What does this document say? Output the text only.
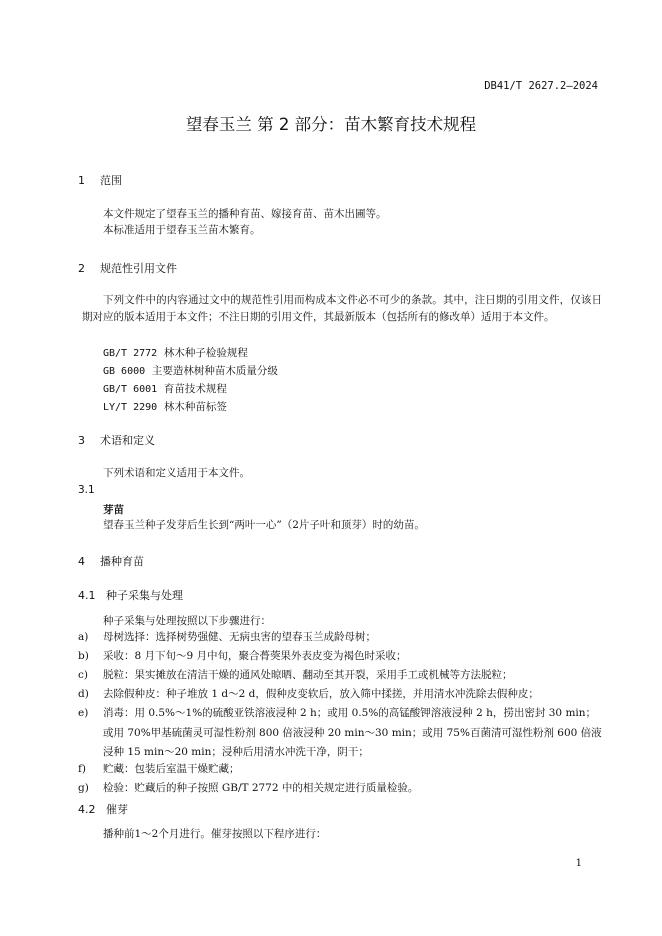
DB41/T 2627.2—2024
望春玉兰 第 2 部分：苗木繁育技术规程
1 范围
本文件规定了望春玉兰的播种育苗、嫁接育苗、苗木出圃等。
本标准适用于望春玉兰苗木繁育。
2 规范性引用文件
下列文件中的内容通过文中的规范性引用而构成本文件必不可少的条款。其中，注日期的引用文件，仅该日期对应的版本适用于本文件；不注日期的引用文件，其最新版本（包括所有的修改单）适用于本文件。
GB/T 2772 林木种子检验规程
GB 6000 主要造林树种苗木质量分级
GB/T 6001 育苗技术规程
LY/T 2290 林木种苗标签
3 术语和定义
下列术语和定义适用于本文件。
3.1
芽苗
望春玉兰种子发芽后生长到“两叶一心”（2片子叶和顶芽）时的幼苗。
4 播种育苗
4.1 种子采集与处理
种子采集与处理按照以下步骤进行：
a) 母树选择：选择树势强健、无病虫害的望春玉兰成龄母树；
b) 采收：8 月下旬～9 月中旬，聚合蓇葖果外表皮变为褐色时采收；
c) 脱粒：果实摊放在清洁干燥的通风处晾晒、翻动至其开裂，采用手工或机械等方法脱粒；
d) 去除假种皮：种子堆放 1 d～2 d，假种皮变软后，放入筛中揉搓，并用清水冲洗除去假种皮；
e) 消毒：用 0.5%～1%的硫酸亚铁溶液浸种 2 h；或用 0.5%的高锰酸钾溶液浸种 2 h，捞出密封 30 min；或用 70%甲基硫菌灵可湿性粉剂 800 倍液浸种 20 min～30 min；或用 75%百菌清可湿性粉剂 600 倍液浸种 15 min～20 min；浸种后用清水冲洗干净，阴干；
f) 贮藏：包装后室温干燥贮藏；
g) 检验：贮藏后的种子按照 GB/T 2772 中的相关规定进行质量检验。
4.2 催芽
播种前1～2个月进行。催芽按照以下程序进行：
1
